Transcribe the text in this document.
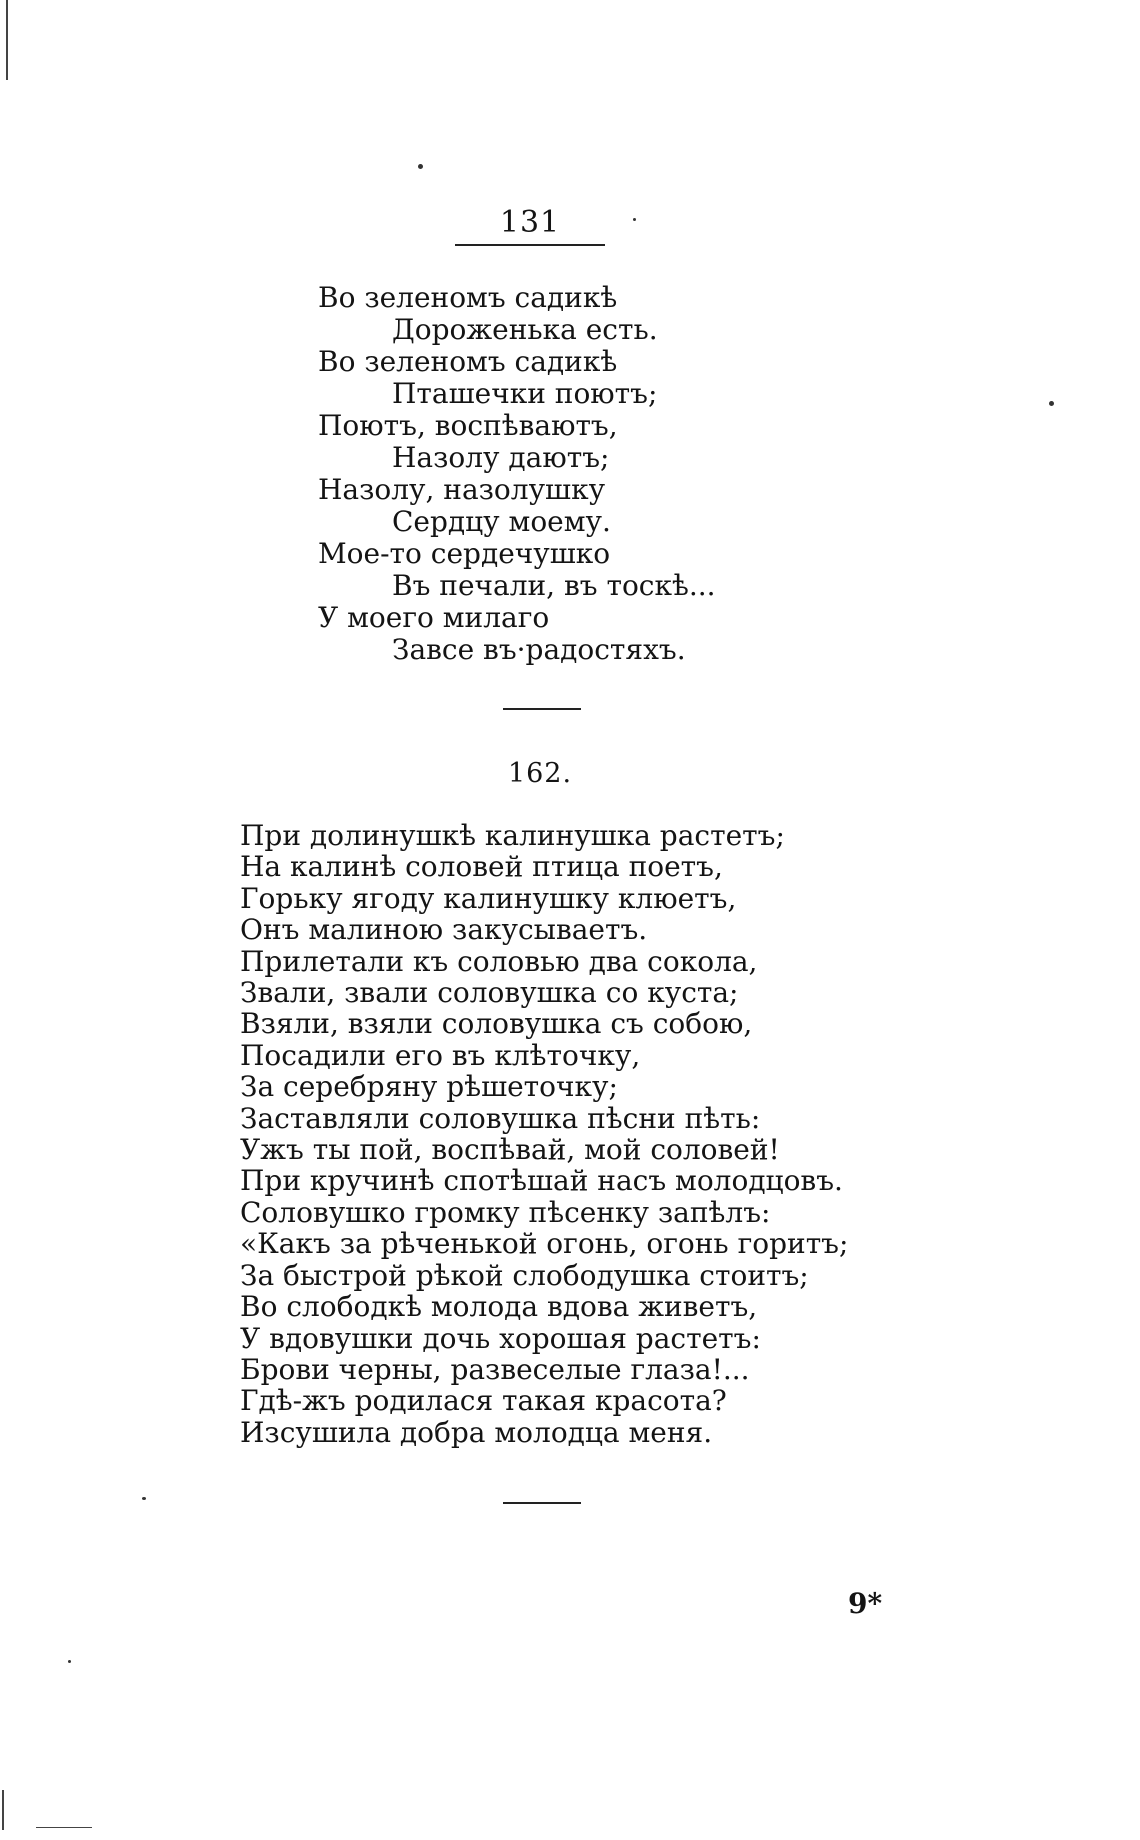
131
Во зеленомъ садикѣ
Дороженька есть.
Во зеленомъ садикѣ
Пташечки поютъ;
Поютъ, воспѣваютъ,
Назолу даютъ;
Назолу, назолушку
Сердцу моему.
Мое-то сердечушко
Въ печали, въ тоскѣ...
У моего милаго
Завсе въ·радостяхъ.
162.
При долинушкѣ калинушка растетъ;
На калинѣ соловей птица поетъ,
Горьку ягоду калинушку клюетъ,
Онъ малиною закусываетъ.
Прилетали къ соловью два сокола,
Звали, звали соловушка со куста;
Взяли, взяли соловушка съ собою,
Посадили его въ клѣточку,
За серебряну рѣшеточку;
Заставляли соловушка пѣсни пѣть:
Ужъ ты пой, воспѣвай, мой соловей!
При кручинѣ спотѣшай насъ молодцовъ.
Соловушко громку пѣсенку запѣлъ:
«Какъ за рѣченькой огонь, огонь горитъ;
За быстрой рѣкой слободушка стоитъ;
Во слободкѣ молода вдова живетъ,
У вдовушки дочь хорошая растетъ:
Брови черны, развеселые глаза!...
Гдѣ-жъ родилася такая красота?
Изсушила добра молодца меня.
9*
